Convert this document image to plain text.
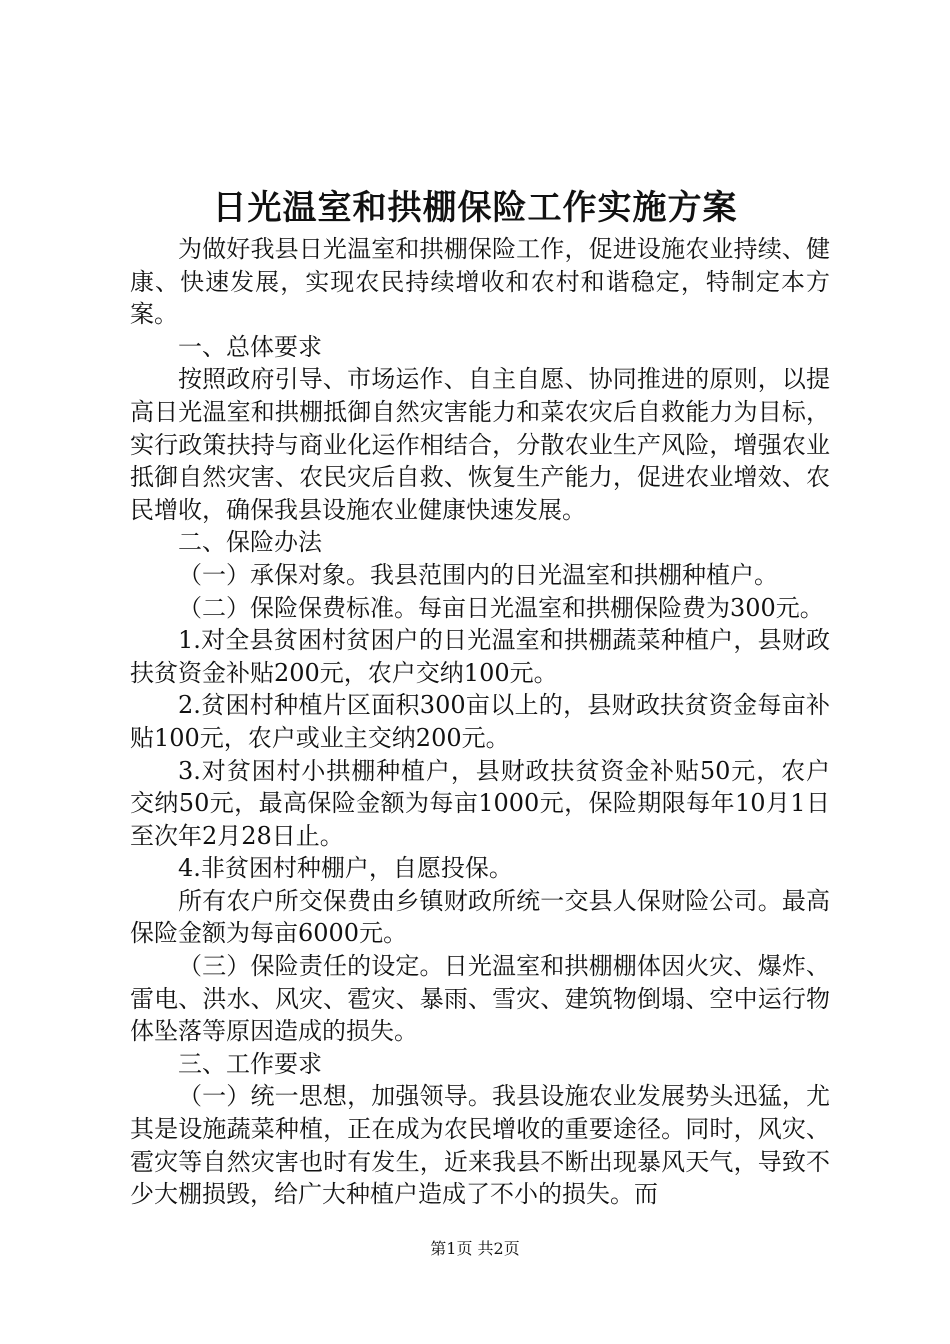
日光温室和拱棚保险工作实施方案

为做好我县日光温室和拱棚保险工作，促进设施农业持续、健康、快速发展，实现农民持续增收和农村和谐稳定，特制定本方案。

一、总体要求

按照政府引导、市场运作、自主自愿、协同推进的原则，以提高日光温室和拱棚抵御自然灾害能力和菜农灾后自救能力为目标，实行政策扶持与商业化运作相结合，分散农业生产风险，增强农业抵御自然灾害、农民灾后自救、恢复生产能力，促进农业增效、农民增收，确保我县设施农业健康快速发展。

二、保险办法

（一）承保对象。我县范围内的日光温室和拱棚种植户。

（二）保险保费标准。每亩日光温室和拱棚保险费为300元。

1.对全县贫困村贫困户的日光温室和拱棚蔬菜种植户，县财政扶贫资金补贴200元，农户交纳100元。

2.贫困村种植片区面积300亩以上的，县财政扶贫资金每亩补贴100元，农户或业主交纳200元。

3.对贫困村小拱棚种植户，县财政扶贫资金补贴50元，农户交纳50元，最高保险金额为每亩1000元，保险期限每年10月1日至次年2月28日止。

4.非贫困村种棚户，自愿投保。

所有农户所交保费由乡镇财政所统一交县人保财险公司。最高保险金额为每亩6000元。

（三）保险责任的设定。日光温室和拱棚棚体因火灾、爆炸、雷电、洪水、风灾、雹灾、暴雨、雪灾、建筑物倒塌、空中运行物体坠落等原因造成的损失。

三、工作要求

（一）统一思想，加强领导。我县设施农业发展势头迅猛，尤其是设施蔬菜种植，正在成为农民增收的重要途径。同时，风灾、雹灾等自然灾害也时有发生，近来我县不断出现暴风天气，导致不少大棚损毁，给广大种植户造成了不小的损失。而

第1页 共2页
